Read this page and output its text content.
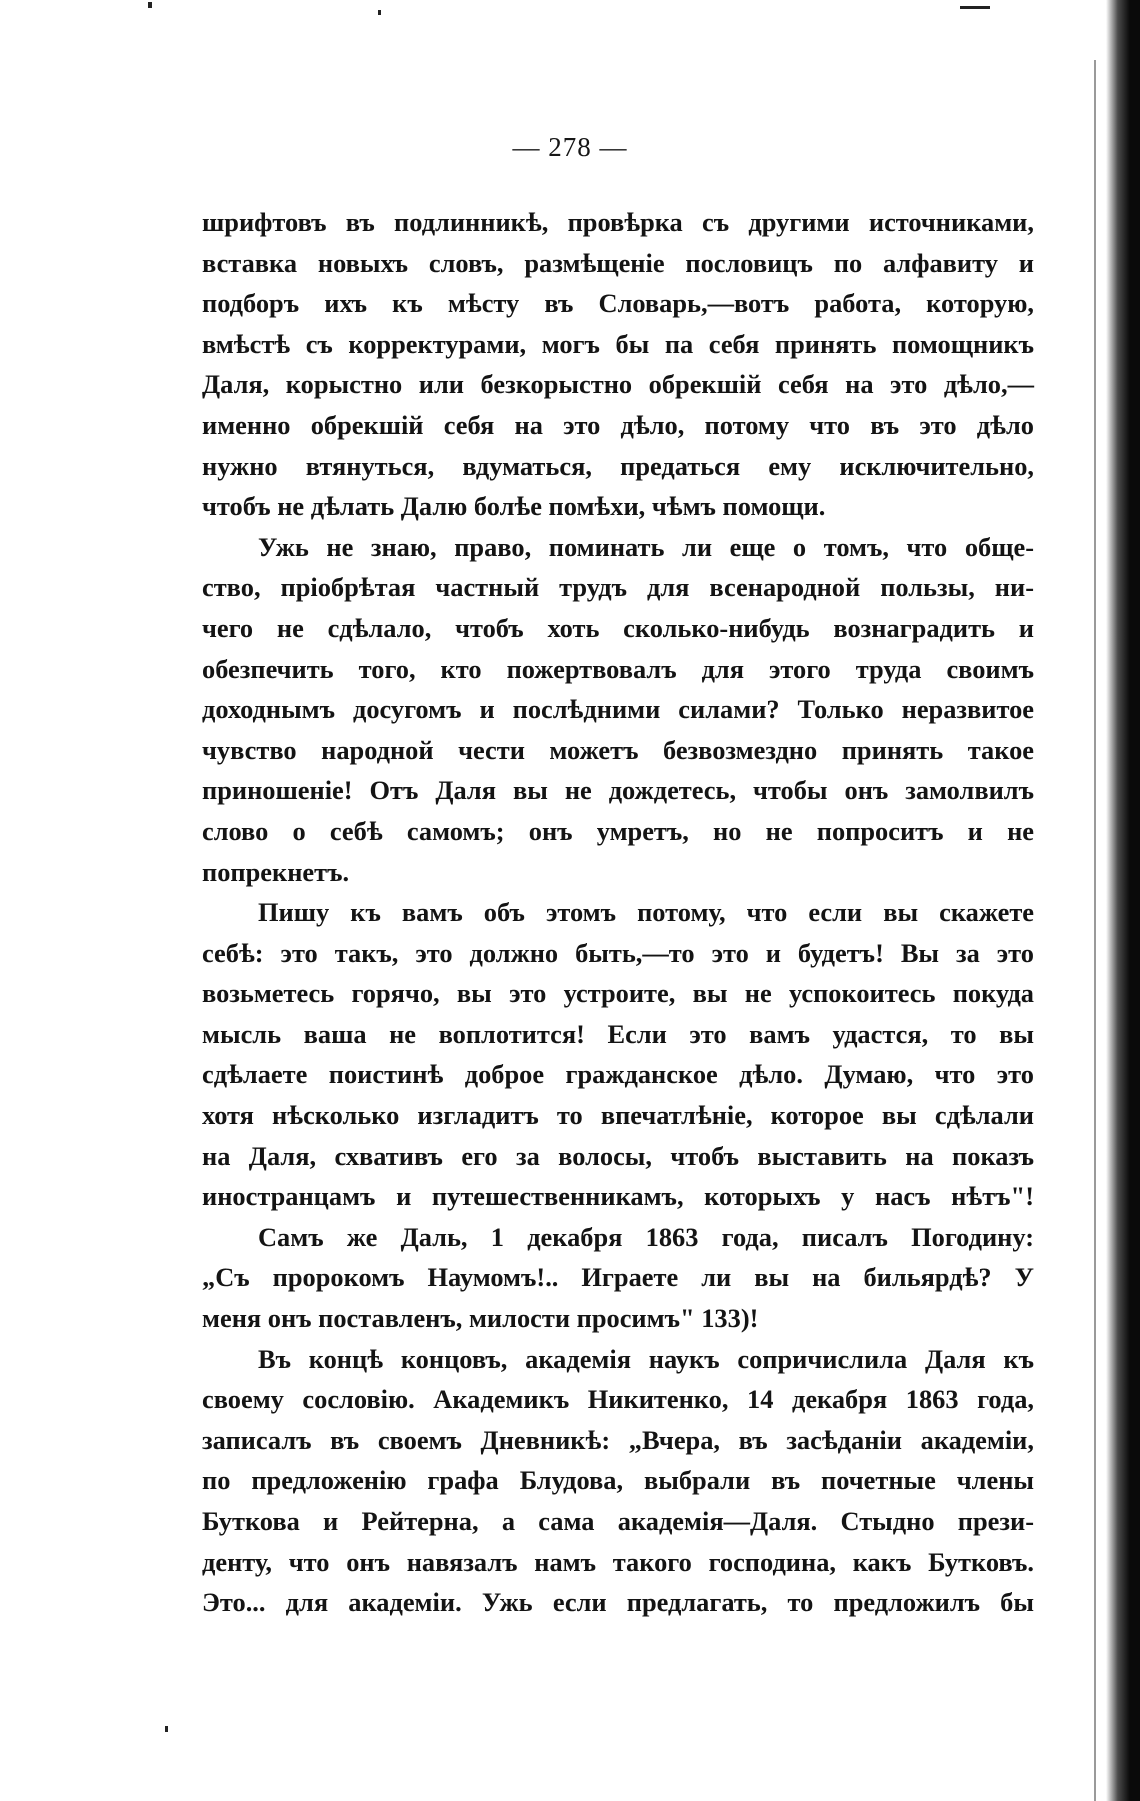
— 278 —
шрифтовъ въ подлинникѣ, провѣрка съ другими источниками,
вставка новыхъ словъ, размѣщеніе пословицъ по алфавиту и
подборъ ихъ къ мѣсту въ Словарь,—вотъ работа, которую,
вмѣстѣ съ корректурами, могъ бы па себя принять помощникъ
Даля, корыстно или безкорыстно обрекшій себя на это дѣло,—
именно обрекшій себя на это дѣло, потому что въ это дѣло
нужно втянуться, вдуматься, предаться ему исключительно,
чтобъ не дѣлать Далю болѣе помѣхи, чѣмъ помощи.
Ужь не знаю, право, поминать ли еще о томъ, что обще-
ство, пріобрѣтая частный трудъ для всенародной пользы, ни-
чего не сдѣлало, чтобъ хоть сколько-нибудь вознаградить и
обезпечить того, кто пожертвовалъ для этого труда своимъ
доходнымъ досугомъ и послѣдними силами? Только неразвитое
чувство народной чести можетъ безвозмездно принять такое
приношеніе! Отъ Даля вы не дождетесь, чтобы онъ замолвилъ
слово о себѣ самомъ; онъ умретъ, но не попроситъ и не
попрекнетъ.
Пишу къ вамъ объ этомъ потому, что если вы скажете
себѣ: это такъ, это должно быть,—то это и будетъ! Вы за это
возьметесь горячо, вы это устроите, вы не успокоитесь покуда
мысль ваша не воплотится! Если это вамъ удастся, то вы
сдѣлаете поистинѣ доброе гражданское дѣло. Думаю, что это
хотя нѣсколько изгладитъ то впечатлѣніе, которое вы сдѣлали
на Даля, схвативъ его за волосы, чтобъ выставить на показъ
иностранцамъ и путешественникамъ, которыхъ у насъ нѣтъ"!
Самъ же Даль, 1 декабря 1863 года, писалъ Погодину:
„Съ пророкомъ Наумомъ!.. Играете ли вы на бильярдѣ? У
меня онъ поставленъ, милости просимъ" 133)!
Въ концѣ концовъ, академія наукъ сопричислила Даля къ
своему сословію. Академикъ Никитенко, 14 декабря 1863 года,
записалъ въ своемъ Дневникѣ: „Вчера, въ засѣданіи академіи,
по предложенію графа Блудова, выбрали въ почетные члены
Буткова и Рейтерна, а сама академія—Даля. Стыдно прези-
денту, что онъ навязалъ намъ такого господина, какъ Бутковъ.
Это... для академіи. Ужь если предлагать, то предложилъ бы
